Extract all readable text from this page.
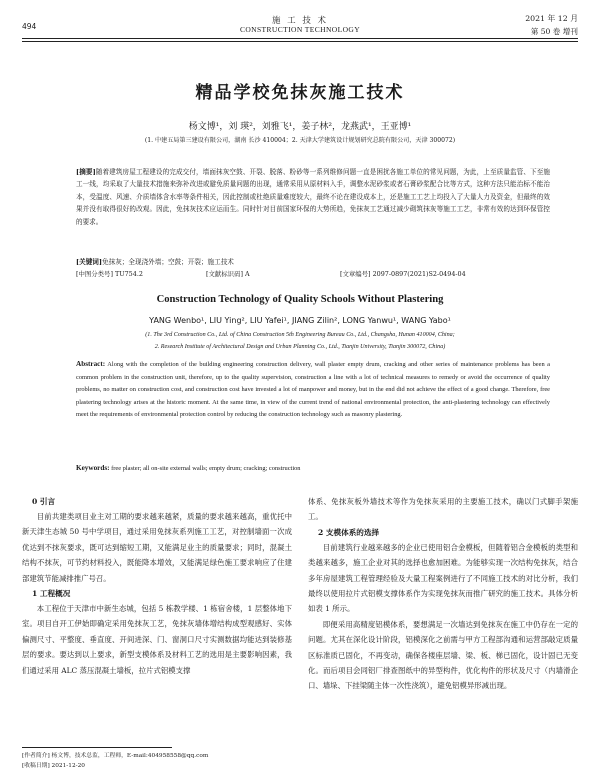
494
施 工 技 术
CONSTRUCTION TECHNOLOGY
2021 年 12 月
第 50 卷 增刊
精品学校免抹灰施工技术
杨文博¹，刘 瑛²，刘雅飞¹，姜子林²，龙燕武¹，王亚博¹
(1. 中建五局第三建设有限公司，湖南 长沙 410004；2. 天津大学建筑设计规划研究总院有限公司，天津 300072)
[摘要]随着建筑房屋工程建设的完成交付，墙面抹灰空鼓、开裂、脱落、粉砂等一系列维修问题一直是困扰各施工单位的常见问题，为此，上至质量监管、下至施工一线，均采取了大量技术措施来弥补改进或避免质量问题的出现，通常采用从原材料入手，调整水泥砂浆或者石膏砂浆配合比等方式，这种方法只能治标不能治本，受温度、风速、介质墙体含水率等条件相关，因此控制或杜绝质量难度较大，最终不论在建设成本上，还是施工工艺上均投入了大量人力及资金，但最终的效果并没有取得很好的改观。因此，免抹灰技术应运而生。同时针对目前国家环保的大势所趋，免抹灰工艺通过减少砌筑抹灰等施工工艺，非常有效的达到环保管控的要求。
[关键词]免抹灰；全现浇外墙；空鼓；开裂；施工技术
[中图分类号] TU754.2	[文献标识码] A	[文章编号] 2097-0897(2021)S2-0494-04
Construction Technology of Quality Schools Without Plastering
YANG Wenbo¹, LIU Ying², LIU Yafei¹, JIANG Zilin², LONG Yanwu¹, WANG Yabo¹
(1. The 3rd Construction Co., Ltd. of China Construction 5th Engineering Bureau Co., Ltd., Changsha, Hunan 410004, China;
2. Research Institute of Architectural Design and Urban Planning Co., Ltd., Tianjin University, Tianjin 300072, China)
Abstract: Along with the completion of the building engineering construction delivery, wall plaster empty drum, cracking and other series of maintenance problems has been a common problem in the construction unit, therefore, up to the quality supervision, construction a line with a lot of technical measures to remedy or avoid the occurrence of quality problems, no matter on construction cost, and construction cost have invested a lot of manpower and money, but in the end did not achieve the effect of a good change. Therefore, free plastering technology arises at the historic moment. At the same time, in view of the current trend of national environmental protection, the anti-plastering technology can effectively meet the requirements of environmental protection control by reducing the construction technology such as masonry plastering.
Keywords: free plaster; all on-site external walls; empty drum; cracking; construction
0 引言
目前共建类项目业主对工期的要求越来越紧，质量的要求越来越高，重优托中新天津生态城 50 号中学项目，通过采用免抹灰系列施工工艺，对控制墙面一次成优达到不抹灰要求，既可达到缩短工期，又能满足业主的质量要求；同时，混凝土结构不抹灰，可节约材料投入，既能降本增效，又能满足绿色施工要求响应了住建部建筑节能减排推广号召。
1 工程概况
本工程位于天津市中新生态城，包括 5 栋教学楼、1 栋宿舍楼，1 层整体地下室。项目自开工伊始即确定采用免抹灰工艺，免抹灰墙体增结构成型观感好、实体偏测尺寸、平整度、垂直度、开间进深、门、窗洞口尺寸实测数据均能达到装修基层的要求。要达到以上要求，新型支模体系及材料工艺的选用是主要影响因素，我们通过采用 ALC 蒸压混凝土墙板，拉片式铝模支撑
[作者简介] 杨文博，技术总监，工程师，E-mail:404958558@qq.com
[收稿日期] 2021-12-20
体系、免抹灰板外墙技术等作为免抹灰采用的主要施工技术，确以门式脚手架施工。
2 支模体系的选择
目前建筑行业越来越多的企业已使用铝合金模板，但随着铝合金模板的类型和类越来越多，施工企业对其的选择也愈加困难。为能够实现一次结构免抹灰，结合多年房屋建筑工程管理经验及大量工程案例进行了不同施工技术的对比分析，我们最终以使用拉片式铝模支撑体系作为实现免抹灰而推广研究的施工技术。具体分析如表 1 所示。
即便采用高精度铝模体系，要想满足一次墙达到免抹灰在施工中仍存在一定的问题。尤其在深化设计阶段，铝模深化之前需与甲方工程部沟通和运营部敲定质量区标准质已固化，不再变动，确保各楼座层墙、梁、板、梯已固化，设计固已无变化。而后项目会同铝厂排查图纸中的异型构件，优化构件的形状及尺寸（内墙滑企口、墙垛、下挂梁随主体一次性浇筑），避免铝模异形减出现。
